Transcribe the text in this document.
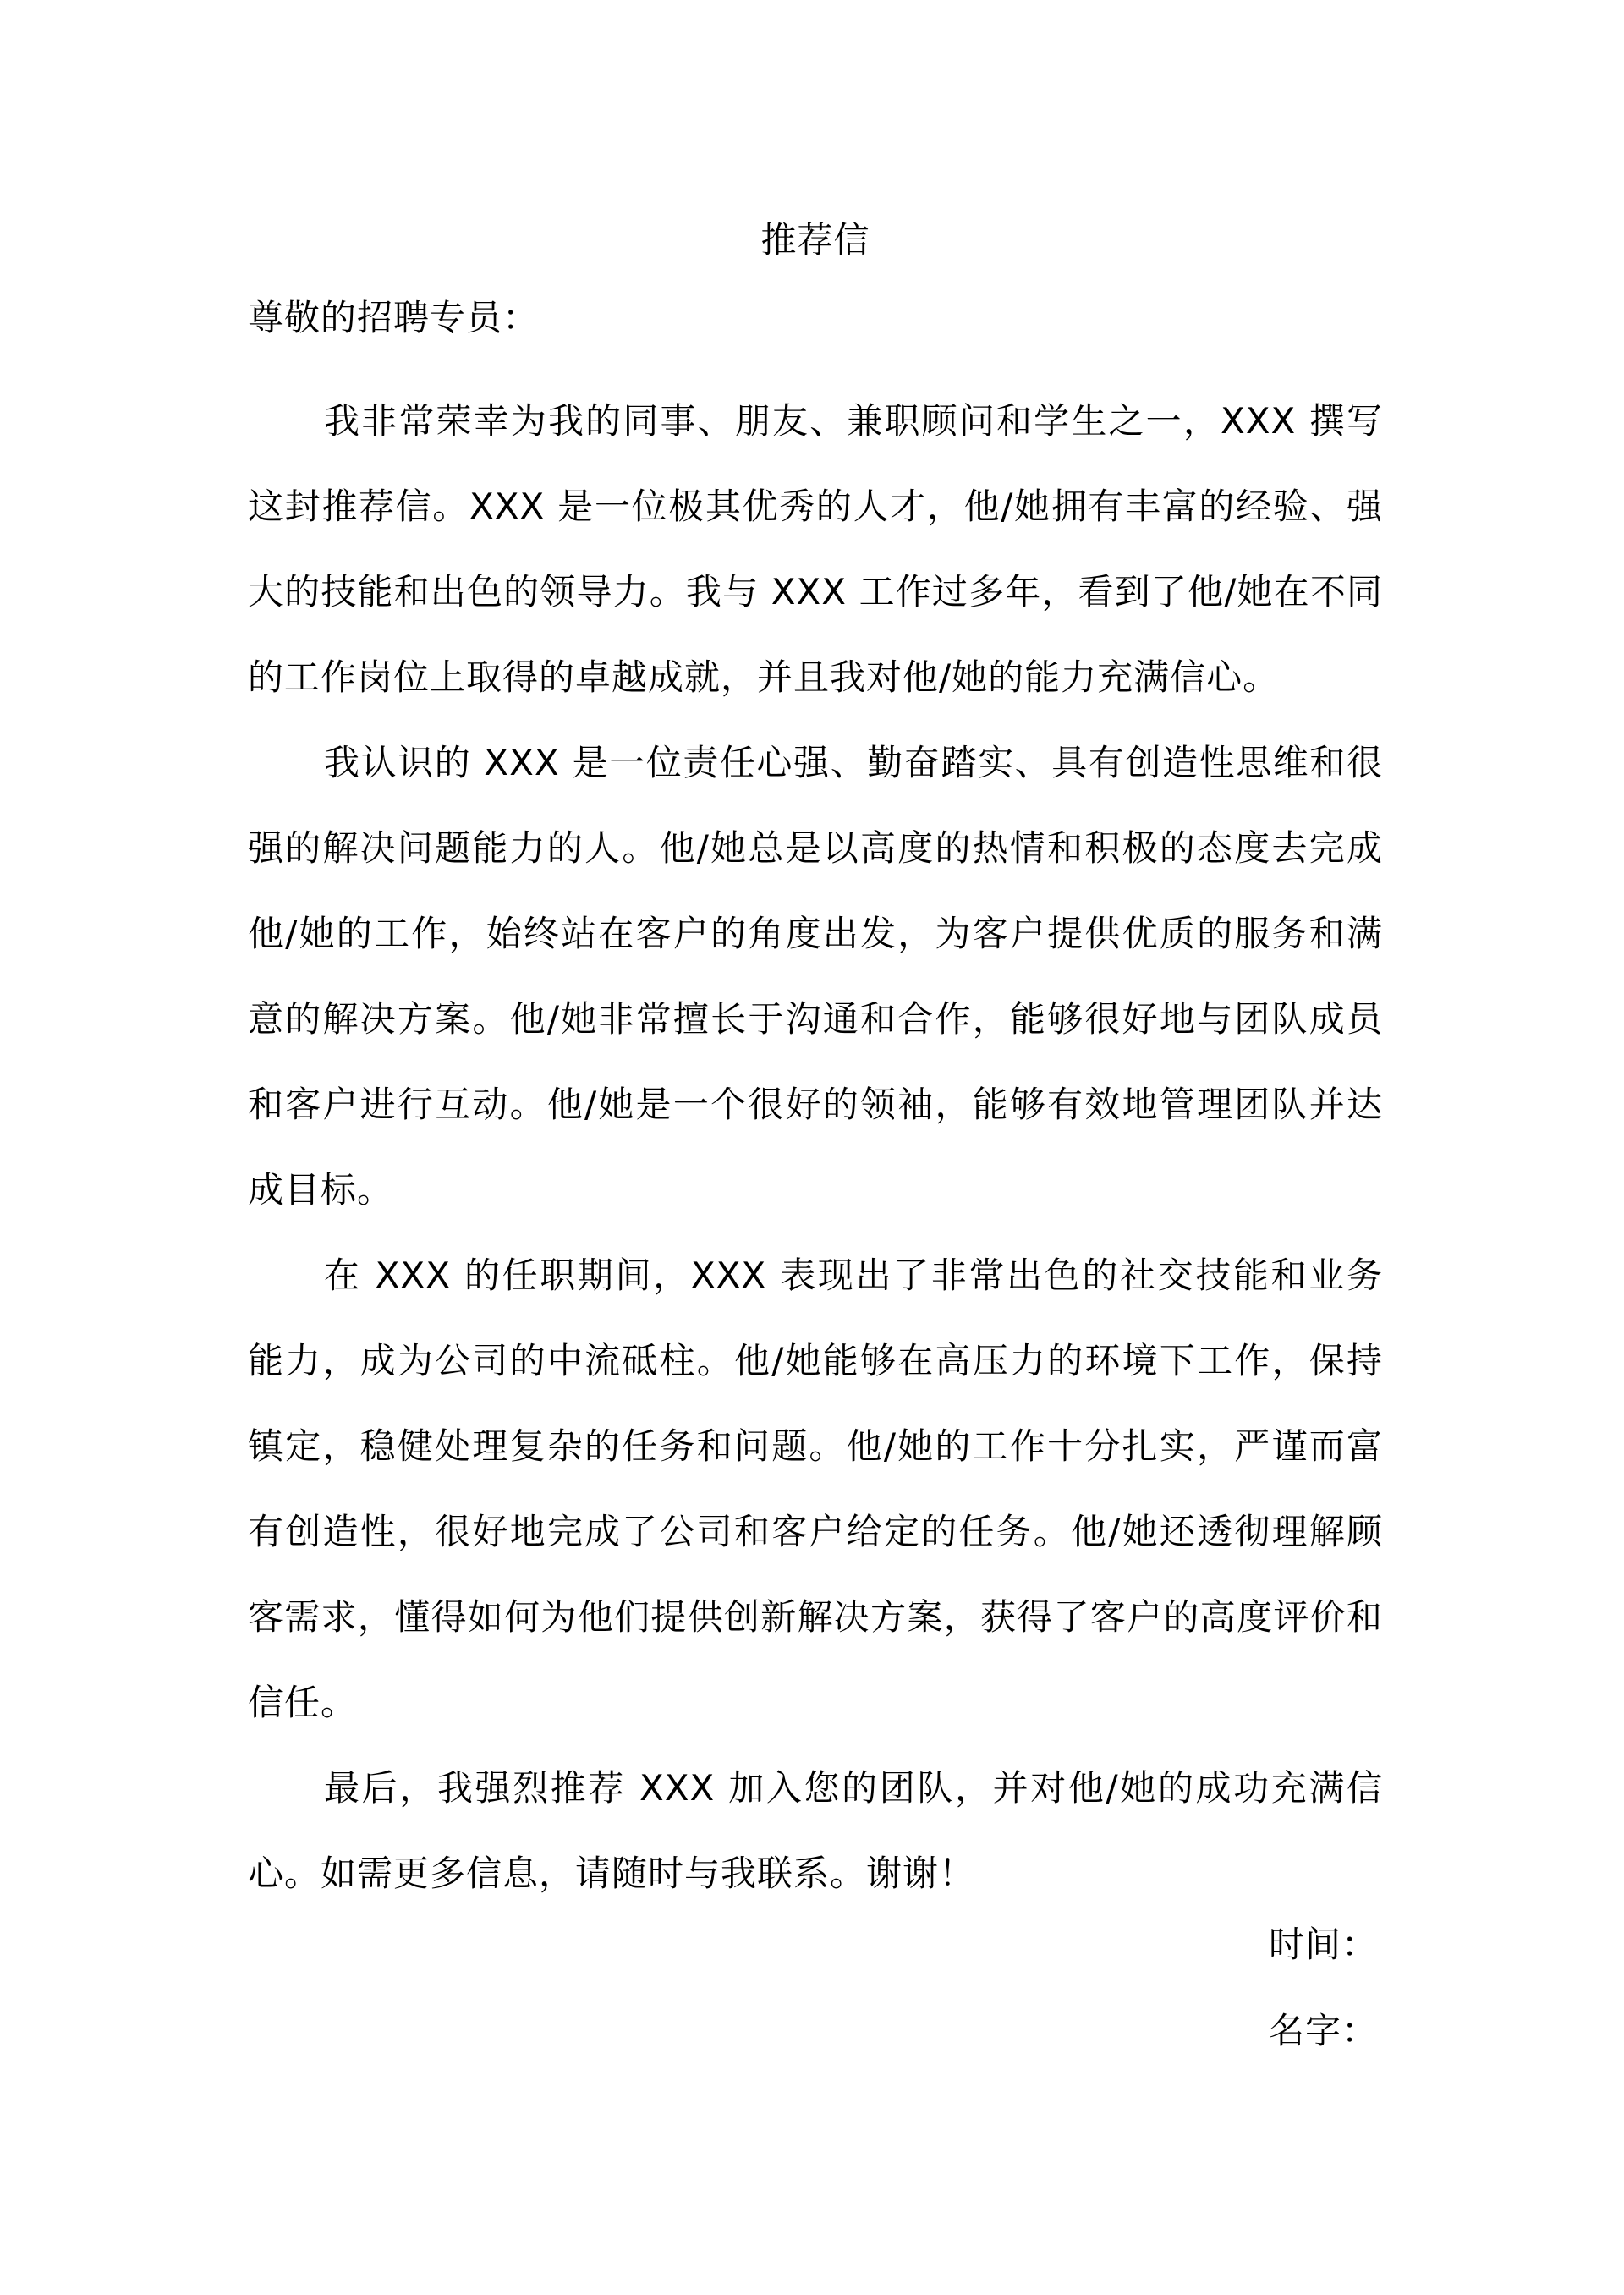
推荐信
尊敬的招聘专员：

我非常荣幸为我的同事、朋友、兼职顾问和学生之一，XXX 撰写这封推荐信。XXX 是一位极其优秀的人才，他/她拥有丰富的经验、强大的技能和出色的领导力。我与 XXX 工作过多年，看到了他/她在不同的工作岗位上取得的卓越成就，并且我对他/她的能力充满信心。

我认识的 XXX 是一位责任心强、勤奋踏实、具有创造性思维和很强的解决问题能力的人。他/她总是以高度的热情和积极的态度去完成他/她的工作，始终站在客户的角度出发，为客户提供优质的服务和满意的解决方案。他/她非常擅长于沟通和合作，能够很好地与团队成员和客户进行互动。他/她是一个很好的领袖，能够有效地管理团队并达成目标。

在 XXX 的任职期间，XXX 表现出了非常出色的社交技能和业务能力，成为公司的中流砥柱。他/她能够在高压力的环境下工作，保持镇定，稳健处理复杂的任务和问题。他/她的工作十分扎实，严谨而富有创造性，很好地完成了公司和客户给定的任务。他/她还透彻理解顾客需求，懂得如何为他们提供创新解决方案，获得了客户的高度评价和信任。

最后，我强烈推荐 XXX 加入您的团队，并对他/她的成功充满信心。如需更多信息，请随时与我联系。谢谢！

时间：
名字：
